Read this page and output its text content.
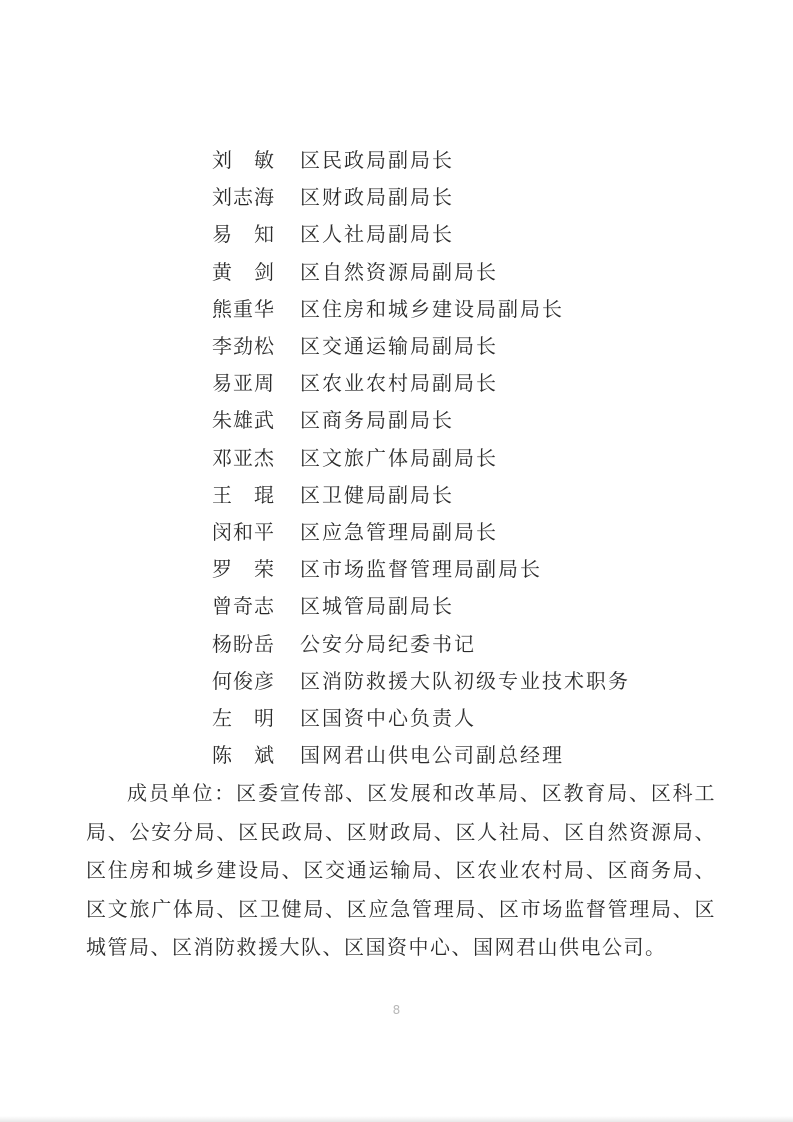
刘　敏	区民政局副局长
刘志海	区财政局副局长
易　知	区人社局副局长
黄　剑	区自然资源局副局长
熊重华	区住房和城乡建设局副局长
李劲松	区交通运输局副局长
易亚周	区农业农村局副局长
朱雄武	区商务局副局长
邓亚杰	区文旅广体局副局长
王　琨	区卫健局副局长
闵和平	区应急管理局副局长
罗　荣	区市场监督管理局副局长
曾奇志	区城管局副局长
杨盼岳	公安分局纪委书记
何俊彦	区消防救援大队初级专业技术职务
左　明	区国资中心负责人
陈　斌	国网君山供电公司副总经理
成员单位：区委宣传部、区发展和改革局、区教育局、区科工局、公安分局、区民政局、区财政局、区人社局、区自然资源局、区住房和城乡建设局、区交通运输局、区农业农村局、区商务局、区文旅广体局、区卫健局、区应急管理局、区市场监督管理局、区城管局、区消防救援大队、区国资中心、国网君山供电公司。
8
